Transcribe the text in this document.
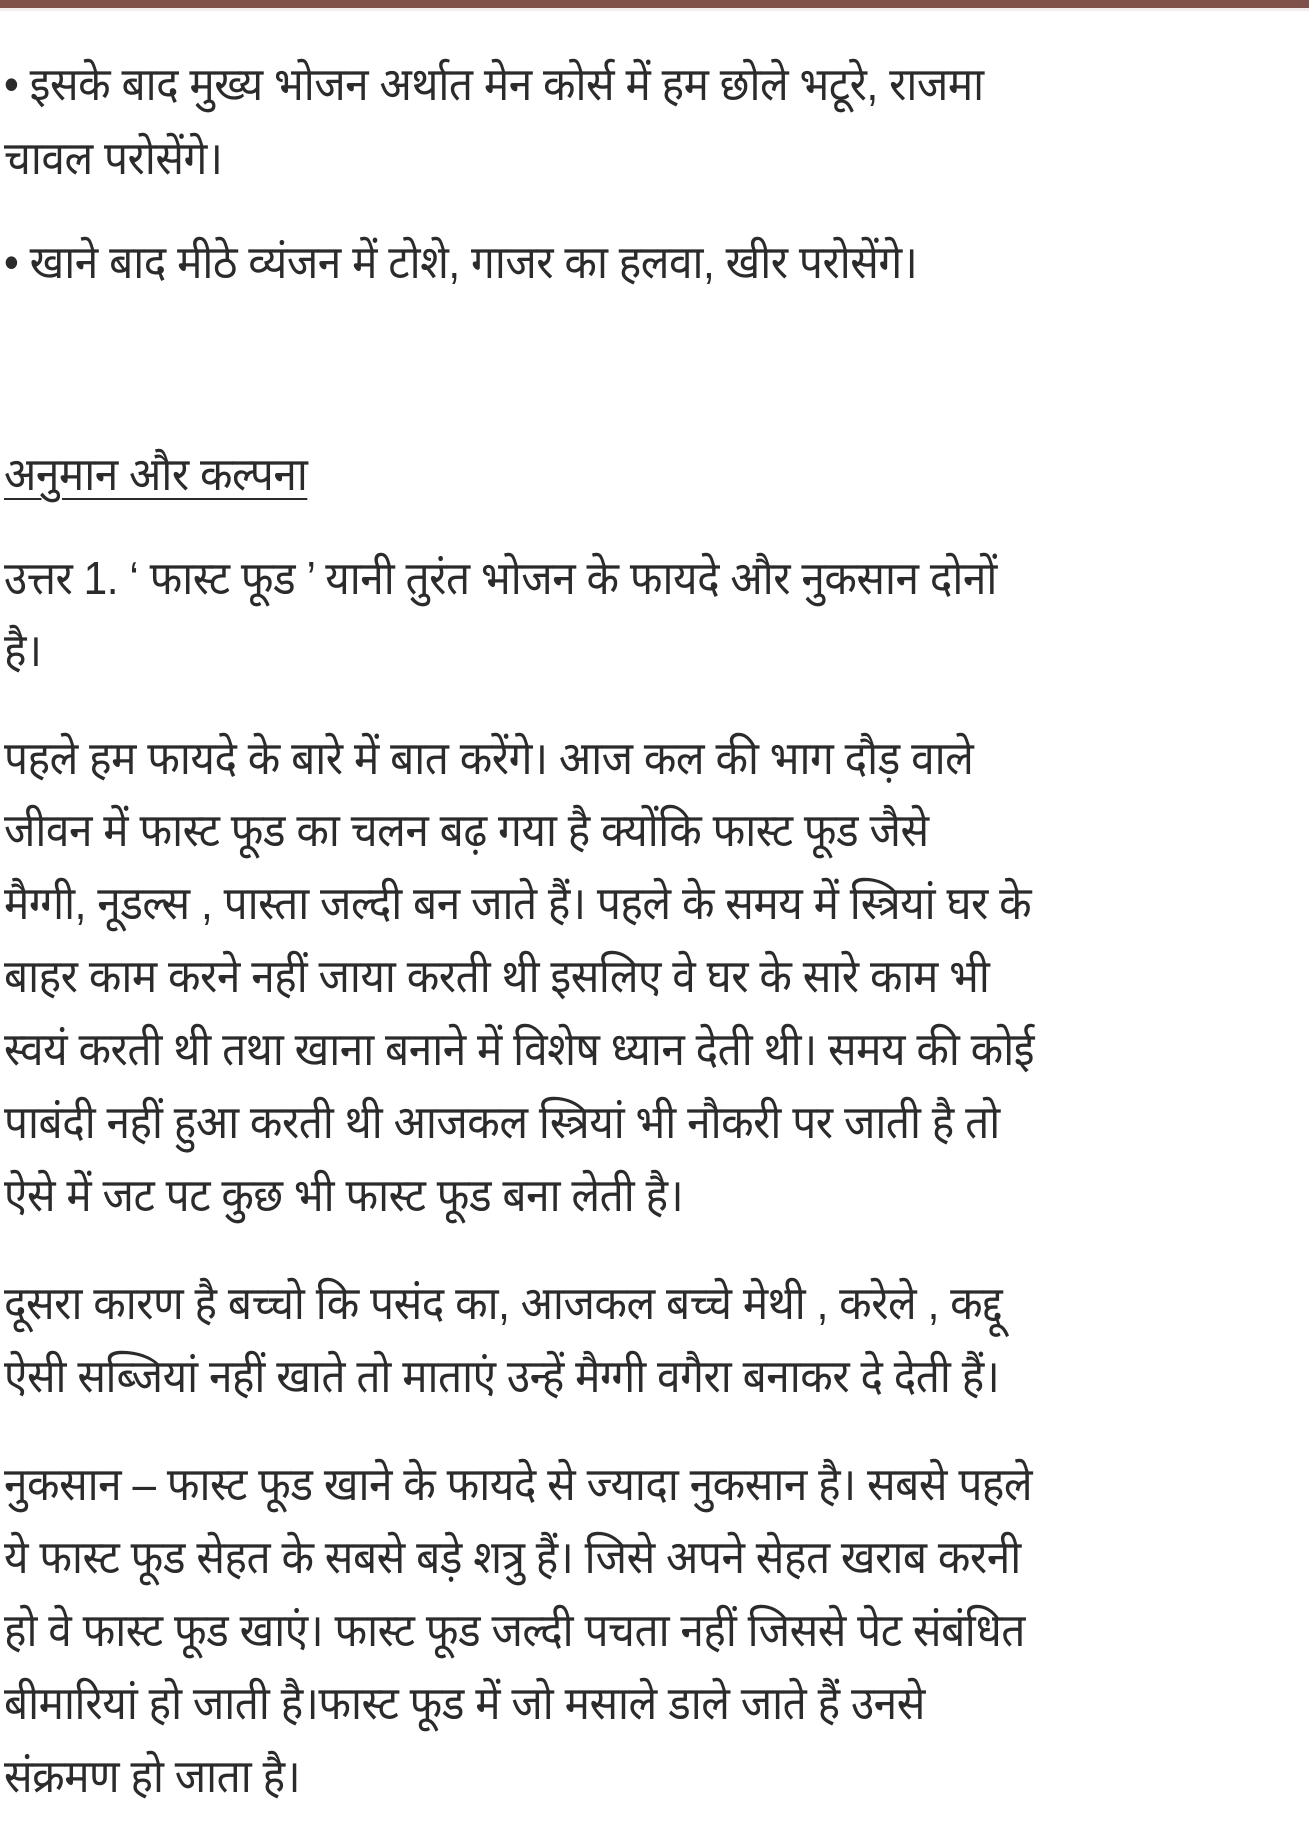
• इसके बाद मुख्य भोजन अर्थात मेन कोर्स में हम छोले भटूरे, राजमा
चावल परोसेंगे।
• खाने बाद मीठे व्यंजन में टोशे, गाजर का हलवा, खीर परोसेंगे।
अनुमान और कल्पना
उत्तर 1. ‘ फास्ट फूड ’ यानी तुरंत भोजन के फायदे और नुकसान दोनों
है।
पहले हम फायदे के बारे में बात करेंगे। आज कल की भाग दौड़ वाले
जीवन में फास्ट फूड का चलन बढ़ गया है क्योंकि फास्ट फूड जैसे
मैग्गी, नूडल्स , पास्ता जल्दी बन जाते हैं। पहले के समय में स्त्रियां घर के
बाहर काम करने नहीं जाया करती थी इसलिए वे घर के सारे काम भी
स्वयं करती थी तथा खाना बनाने में विशेष ध्यान देती थी। समय की कोई
पाबंदी नहीं हुआ करती थी आजकल स्त्रियां भी नौकरी पर जाती है तो
ऐसे में जट पट कुछ भी फास्ट फूड बना लेती है।
दूसरा कारण है बच्चो कि पसंद का, आजकल बच्चे मेथी , करेले , कद्दू
ऐसी सब्जियां नहीं खाते तो माताएं उन्हें मैग्गी वगैरा बनाकर दे देती हैं।
नुकसान – फास्ट फूड खाने के फायदे से ज्यादा नुकसान है। सबसे पहले
ये फास्ट फूड सेहत के सबसे बड़े शत्रु हैं। जिसे अपने सेहत खराब करनी
हो वे फास्ट फूड खाएं। फास्ट फूड जल्दी पचता नहीं जिससे पेट संबंधित
बीमारियां हो जाती है।फास्ट फूड में जो मसाले डाले जाते हैं उनसे
संक्रमण हो जाता है।
